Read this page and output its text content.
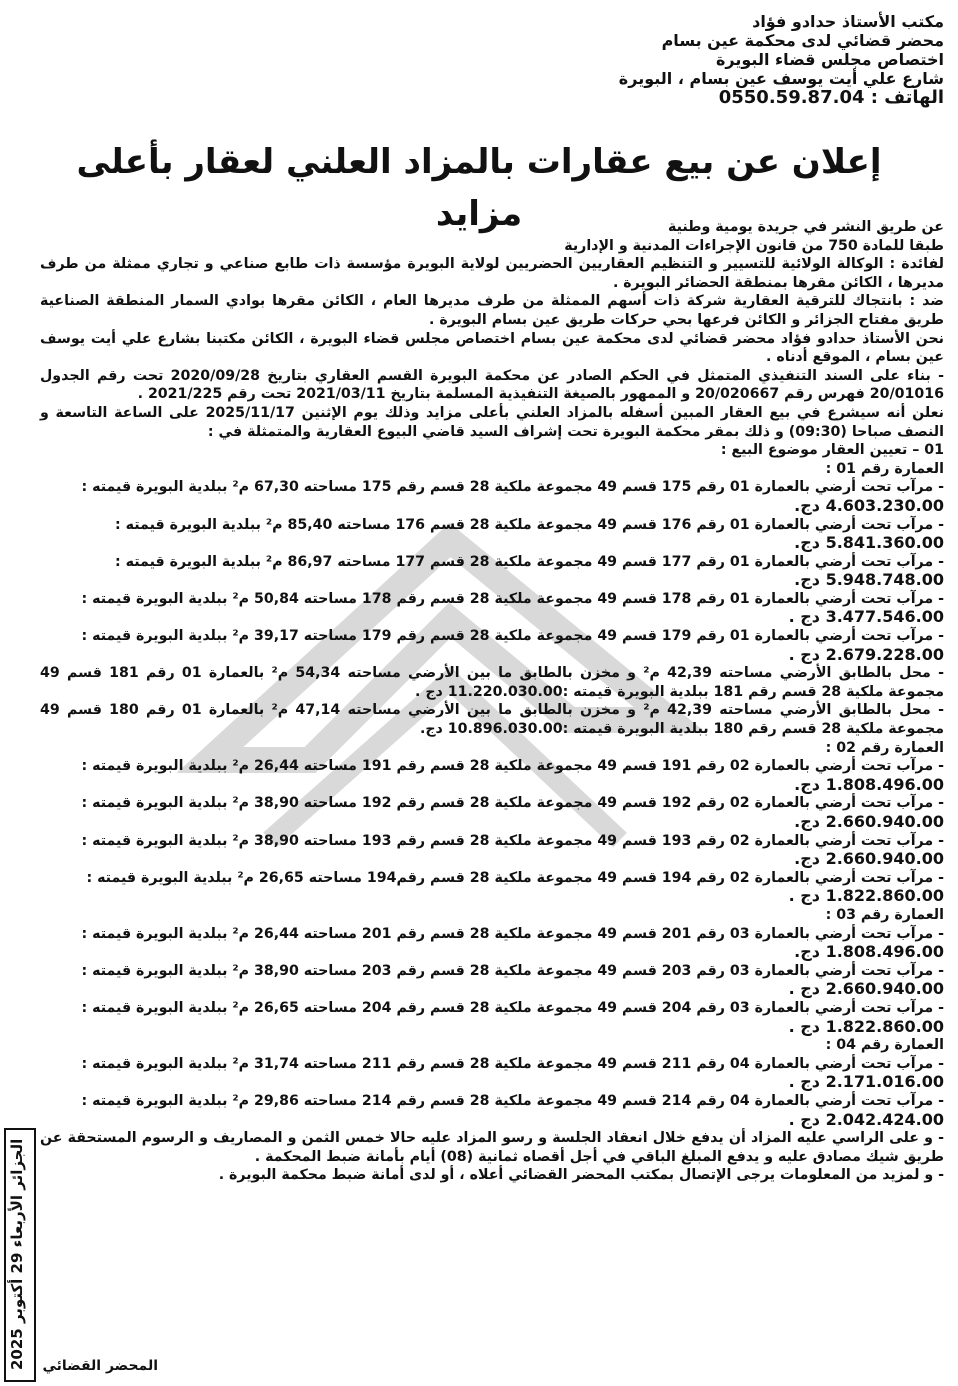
مكتب الأستاذ حدادو فؤاد
محضر قضائي لدى محكمة عين بسام
اختصاص مجلس قضاء البويرة
شارع علي أيت يوسف عين بسام ، البويرة
الهاتف : 0550.59.87.04
إعلان عن بيع عقارات بالمزاد العلني لعقار بأعلى مزايد	عن طريق النشر في جريدة يومية وطنية

طبقا للمادة 750 من قانون الإجراءات المدنية و الإدارية

لفائدة : الوكالة الولائية للتسيير و التنظيم العقاريين الحضريين لولاية البويرة مؤسسة ذات طابع صناعي و تجاري ممثلة من طرف مديرها ، الكائن مقرها بمنطقة الحضائر البويرة .

ضد : بانتجاك للترقية العقارية شركة ذات أسهم الممثلة من طرف مديرها العام ، الكائن مقرها بوادي السمار المنطقة الصناعية طريق مفتاح الجزائر و الكائن فرعها بحي حركات طريق عين بسام البويرة .

نحن الأستاذ حدادو فؤاد محضر قضائي لدى محكمة عين بسام اختصاص مجلس قضاء البويرة ، الكائن مكتبنا بشارع علي أيت يوسف عين بسام ، الموقع أدناه .

- بناء على السند التنفيذي المتمثل في الحكم الصادر عن محكمة البويرة القسم العقاري بتاريخ 2020/09/28 تحت رقم الجدول 20/01016 فهرس رقم 20/020667 و الممهور بالصيغة التنفيذية المسلمة بتاريخ 2021/03/11 تحت رقم 2021/225 .

نعلن أنه سيشرع في بيع العقار المبين أسفله بالمزاد العلني بأعلى مزايد وذلك يوم الإثنين 2025/11/17 على الساعة التاسعة و النصف صباحا (09:30) و ذلك بمقر محكمة البويرة تحت إشراف السيد قاضي البيوع العقارية والمتمثلة في :

01 – تعيين العقار موضوع البيع :

العمارة رقم 01 :
- مرآب تحت أرضي بالعمارة 01 رقم 175 قسم 49 مجموعة ملكية 28 قسم رقم 175 مساحته 67,30 م² ببلدية البويرة قيمته :
4.603.230.00 دج.
- مرآب تحت أرضي بالعمارة 01 رقم 176 قسم 49 مجموعة ملكية 28 قسم 176 مساحته 85,40 م² ببلدية البويرة قيمته :
5.841.360.00 دج.
- مرآب تحت أرضي بالعمارة 01 رقم 177 قسم 49 مجموعة ملكية 28 قسم 177 مساحته 86,97 م² ببلدية البويرة قيمته :
5.948.748.00 دج.
- مرآب تحت أرضي بالعمارة 01 رقم 178 قسم 49 مجموعة ملكية 28 قسم رقم 178 مساحته 50,84 م² ببلدية البويرة قيمته :
3.477.546.00 دج .
- مرآب تحت أرضي بالعمارة 01 رقم 179 قسم 49 مجموعة ملكية 28 قسم رقم 179 مساحته 39,17 م² ببلدية البويرة قيمته :
2.679.228.00 دج .
- محل بالطابق الأرضي مساحته 42,39 م² و مخزن بالطابق ما بين الأرضي مساحته 54,34 م² بالعمارة 01 رقم 181 قسم 49 مجموعة ملكية 28 قسم رقم 181 ببلدية البويرة قيمته :11.220.030.00 دج .
- محل بالطابق الأرضي مساحته 42,39 م² و مخزن بالطابق ما بين الأرضي مساحته 47,14 م² بالعمارة 01 رقم 180 قسم 49 مجموعة ملكية 28 قسم رقم 180 ببلدية البويرة قيمته :10.896.030.00 دج.
العمارة رقم 02 :
- مرآب تحت أرضي بالعمارة 02 رقم 191 قسم 49 مجموعة ملكية 28 قسم رقم 191 مساحته 26,44 م² ببلدية البويرة قيمته :
1.808.496.00 دج.
- مرآب تحت أرضي بالعمارة 02 رقم 192 قسم 49 مجموعة ملكية 28 قسم رقم 192 مساحته 38,90 م² ببلدية البويرة قيمته :
2.660.940.00 دج.
- مرآب تحت أرضي بالعمارة 02 رقم 193 قسم 49 مجموعة ملكية 28 قسم رقم 193 مساحته 38,90 م² ببلدية البويرة قيمته :
2.660.940.00 دج.
- مرآب تحت أرضي بالعمارة 02 رقم 194 قسم 49 مجموعة ملكية 28 قسم رقم194 مساحته 26,65 م² ببلدية البويرة قيمته :
1.822.860.00 دج .
العمارة رقم 03 :
- مرآب تحت أرضي بالعمارة 03 رقم 201 قسم 49 مجموعة ملكية 28 قسم رقم 201 مساحته 26,44 م² ببلدية البويرة قيمته :
1.808.496.00 دج.
- مرآب تحت أرضي بالعمارة 03 رقم 203 قسم 49 مجموعة ملكية 28 قسم رقم 203 مساحته 38,90 م² ببلدية البويرة قيمته :
2.660.940.00 دج .
- مرآب تحت أرضي بالعمارة 03 رقم 204 قسم 49 مجموعة ملكية 28 قسم رقم 204 مساحته 26,65 م² ببلدية البويرة قيمته :
1.822.860.00 دج .
العمارة رقم 04 :
- مرآب تحت أرضي بالعمارة 04 رقم 211 قسم 49 مجموعة ملكية 28 قسم رقم 211 مساحته 31,74 م² ببلدية البويرة قيمته :
2.171.016.00 دج .
- مرآب تحت أرضي بالعمارة 04 رقم 214 قسم 49 مجموعة ملكية 28 قسم رقم 214 مساحته 29,86 م² ببلدية البويرة قيمته :
2.042.424.00 دج .

- و على الراسي عليه المزاد أن يدفع خلال انعقاد الجلسة و رسو المزاد عليه حالا خمس الثمن و المصاريف و الرسوم المستحقة عن طريق شيك مصادق عليه و يدفع المبلغ الباقي في أجل أقصاه ثمانية (08) أيام بأمانة ضبط المحكمة .

- و لمزيد من المعلومات يرجى الإتصال بمكتب المحضر القضائي أعلاه ، أو لدى أمانة ضبط محكمة البويرة .

المحضر القضائي
الجزائر الأربعاء 29 أكتوبر 2025
